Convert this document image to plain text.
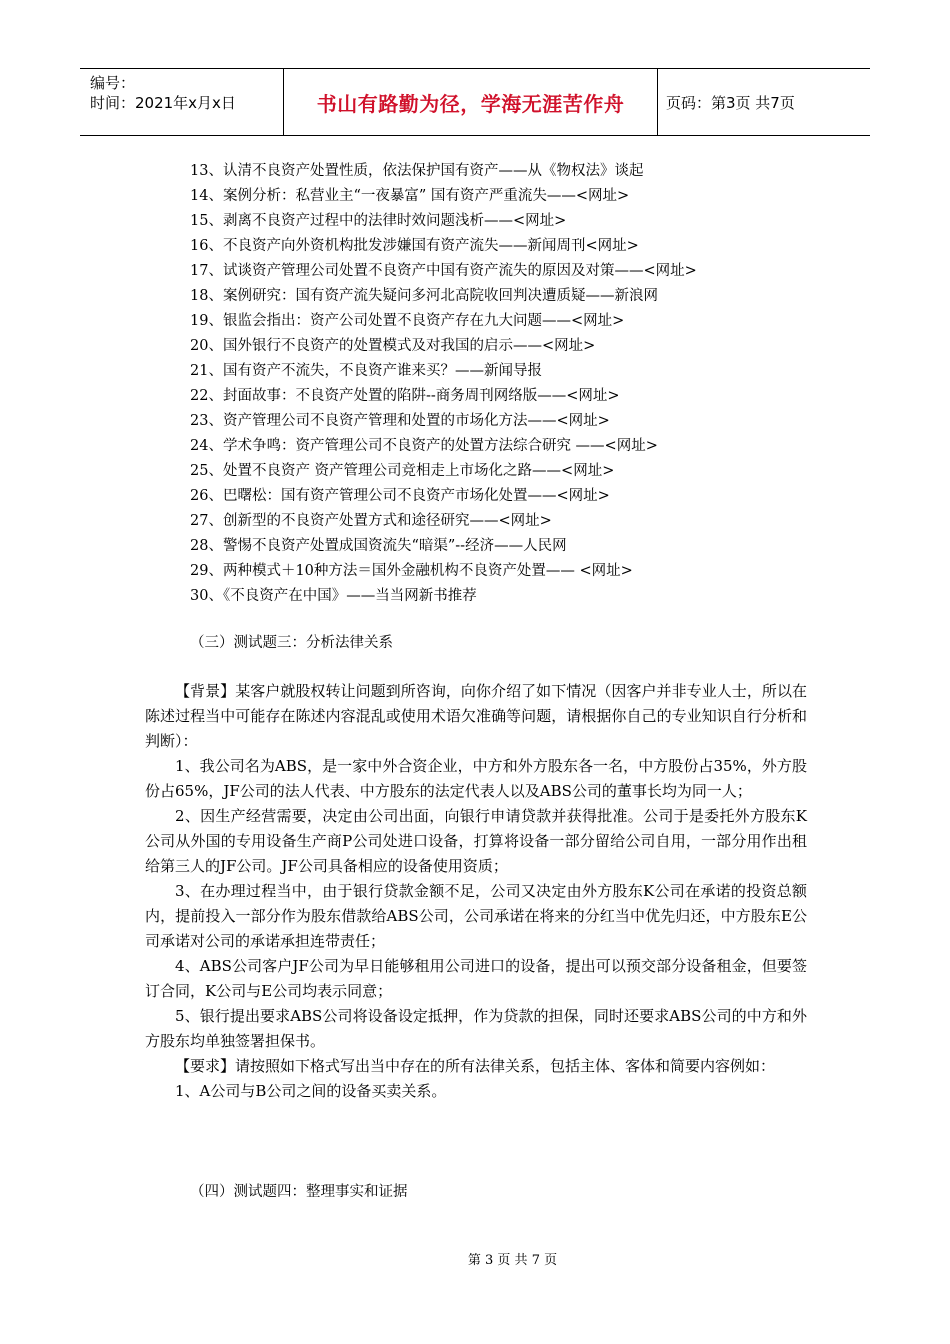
编号：
时间：2021年x月x日	书山有路勤为径，学海无涯苦作舟	页码：第3页 共7页
13、认清不良资产处置性质，依法保护国有资产——从《物权法》谈起
14、案例分析：私营业主“一夜暴富” 国有资产严重流失——<网址>
15、剥离不良资产过程中的法律时效问题浅析——<网址>
16、不良资产向外资机构批发涉嫌国有资产流失——新闻周刊<网址>
17、试谈资产管理公司处置不良资产中国有资产流失的原因及对策——<网址>
18、案例研究：国有资产流失疑问多河北高院收回判决遭质疑——新浪网
19、银监会指出：资产公司处置不良资产存在九大问题——<网址>
20、国外银行不良资产的处置模式及对我国的启示——<网址>
21、国有资产不流失，不良资产谁来买？——新闻导报
22、封面故事：不良资产处置的陷阱--商务周刊网络版——<网址>
23、资产管理公司不良资产管理和处置的市场化方法——<网址>
24、学术争鸣：资产管理公司不良资产的处置方法综合研究 ——<网址>
25、处置不良资产 资产管理公司竞相走上市场化之路——<网址>
26、巴曙松：国有资产管理公司不良资产市场化处置——<网址>
27、创新型的不良资产处置方式和途径研究——<网址>
28、警惕不良资产处置成国资流失“暗渠”--经济——人民网
29、两种模式＋10种方法＝国外金融机构不良资产处置—— <网址>
30、《不良资产在中国》——当当网新书推荐
（三）测试题三：分析法律关系

【背景】某客户就股权转让问题到所咨询，向你介绍了如下情况（因客户并非专业人士，所以在陈述过程当中可能存在陈述内容混乱或使用术语欠准确等问题，请根据你自己的专业知识自行分析和判断）：

1、我公司名为ABS，是一家中外合资企业，中方和外方股东各一名，中方股份占35%，外方股份占65%，JF公司的法人代表、中方股东的法定代表人以及ABS公司的董事长均为同一人；

2、因生产经营需要，决定由公司出面，向银行申请贷款并获得批准。公司于是委托外方股东K公司从外国的专用设备生产商P公司处进口设备，打算将设备一部分留给公司自用，一部分用作出租给第三人的JF公司。JF公司具备相应的设备使用资质；

3、在办理过程当中，由于银行贷款金额不足，公司又决定由外方股东K公司在承诺的投资总额内，提前投入一部分作为股东借款给ABS公司，公司承诺在将来的分红当中优先归还，中方股东E公司承诺对公司的承诺承担连带责任；

4、ABS公司客户JF公司为早日能够租用公司进口的设备，提出可以预交部分设备租金，但要签订合同，K公司与E公司均表示同意；

5、银行提出要求ABS公司将设备设定抵押，作为贷款的担保，同时还要求ABS公司的中方和外方股东均单独签署担保书。

【要求】请按照如下格式写出当中存在的所有法律关系，包括主体、客体和简要内容例如：

1、A公司与B公司之间的设备买卖关系。

（四）测试题四：整理事实和证据
第 3 页 共 7 页
